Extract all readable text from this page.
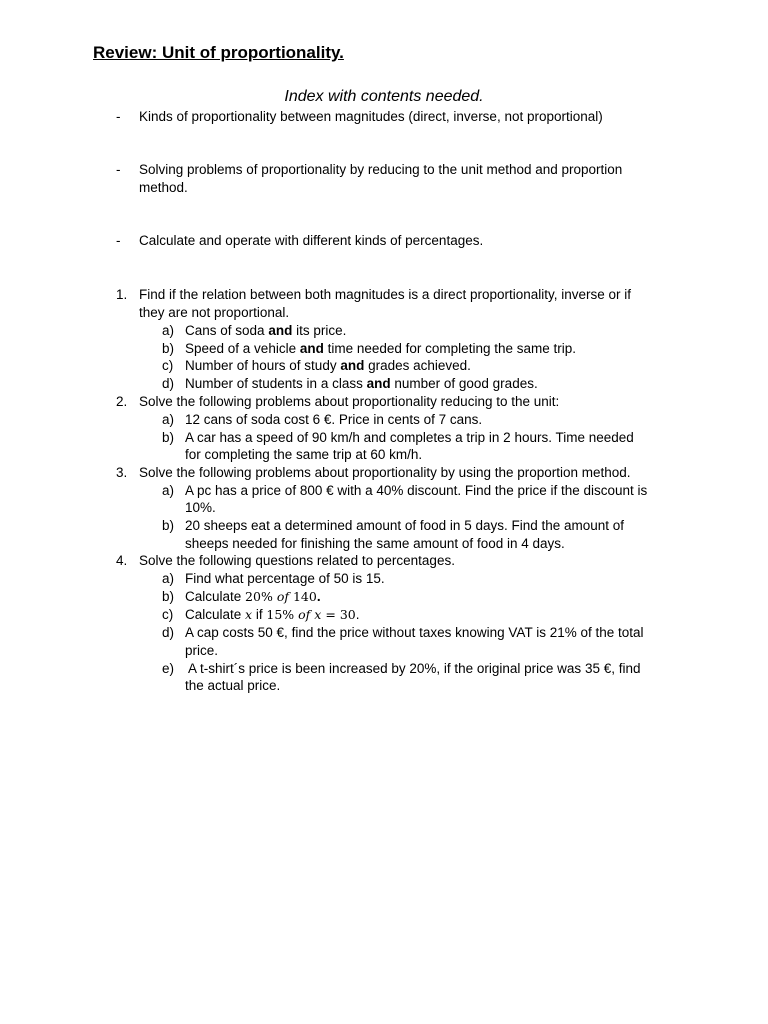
Review: Unit of proportionality.
Index with contents needed.
- Kinds of proportionality between magnitudes (direct, inverse, not proportional)
- Solving problems of proportionality by reducing to the unit method and proportion
method.
- Calculate and operate with different kinds of percentages.
1. Find if the relation between both magnitudes is a direct proportionality, inverse or if
they are not proportional.
a) Cans of soda and its price.
b) Speed of a vehicle and time needed for completing the same trip.
c) Number of hours of study and grades achieved.
d) Number of students in a class and number of good grades.
2. Solve the following problems about proportionality reducing to the unit:
a) 12 cans of soda cost 6 €. Price in cents of 7 cans.
b) A car has a speed of 90 km/h and completes a trip in 2 hours. Time needed
for completing the same trip at 60 km/h.
3. Solve the following problems about proportionality by using the proportion method.
a) A pc has a price of 800 € with a 40% discount. Find the price if the discount is
10%.
b) 20 sheeps eat a determined amount of food in 5 days. Find the amount of
sheeps needed for finishing the same amount of food in 4 days.
4. Solve the following questions related to percentages.
a) Find what percentage of 50 is 15.
b) Calculate 20% of 140.
c) Calculate x if 15% of x = 30.
d) A cap costs 50 €, find the price without taxes knowing VAT is 21% of the total
price.
e) A t-shirt´s price is been increased by 20%, if the original price was 35 €, find
the actual price.
